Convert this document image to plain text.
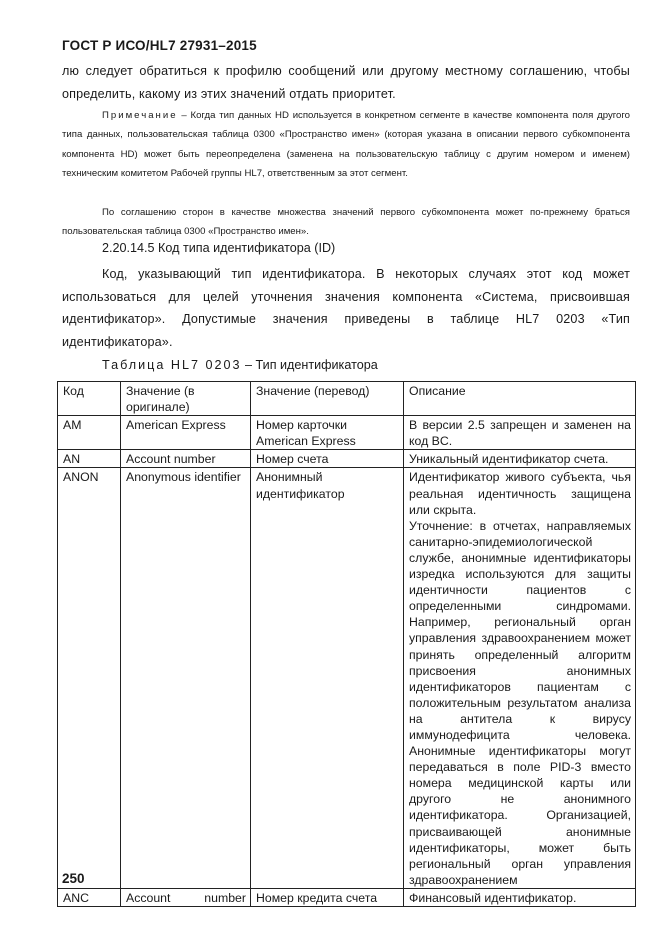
ГОСТ Р ИСО/HL7 27931–2015
лю следует обратиться к профилю сообщений или другому местному соглашению, чтобы определить, какому из этих значений отдать приоритет.
Примечание – Когда тип данных HD используется в конкретном сегменте в качестве компонента поля другого типа данных, пользовательская таблица 0300 «Пространство имен» (которая указана в описании первого субкомпонента компонента HD) может быть переопределена (заменена на пользовательскую таблицу с другим номером и именем) техническим комитетом Рабочей группы HL7, ответственным за этот сегмент.
По соглашению сторон в качестве множества значений первого субкомпонента может по-прежнему браться пользовательская таблица 0300 «Пространство имен».
2.20.14.5 Код типа идентификатора (ID)
Код, указывающий тип идентификатора. В некоторых случаях этот код может использоваться для целей уточнения значения компонента «Система, присвоившая идентификатор». Допустимые значения приведены в таблице HL7 0203 «Тип идентификатора».
Таблица HL7 0203 – Тип идентификатора
Код	Значение (в оригинале)	Значение (перевод)	Описание
AM	American Express	Номер карточки American Express	В версии 2.5 запрещен и заменен на код BC.
AN	Account number	Номер счета	Уникальный идентификатор счета.
ANON	Anonymous identifier	Анонимный идентификатор	Идентификатор живого субъекта, чья реальная идентичность защищена или скрыта.
Уточнение: в отчетах, направляемых санитарно-эпидемиологической службе, анонимные идентификаторы изредка используются для защиты идентичности пациентов с определенными синдромами. Например, региональный орган управления здравоохранением может принять определенный алгоритм присвоения анонимных идентификаторов пациентам с положительным результатом анализа на антитела к вирусу иммунодефицита человека. Анонимные идентификаторы могут передаваться в поле PID-3 вместо номера медицинской карты или другого не анонимного идентификатора. Организацией, присваивающей анонимные идентификаторы, может быть региональный орган управления здравоохранением

ANC	Account number	Номер кредита счета	Финансовый идентификатор.
250
